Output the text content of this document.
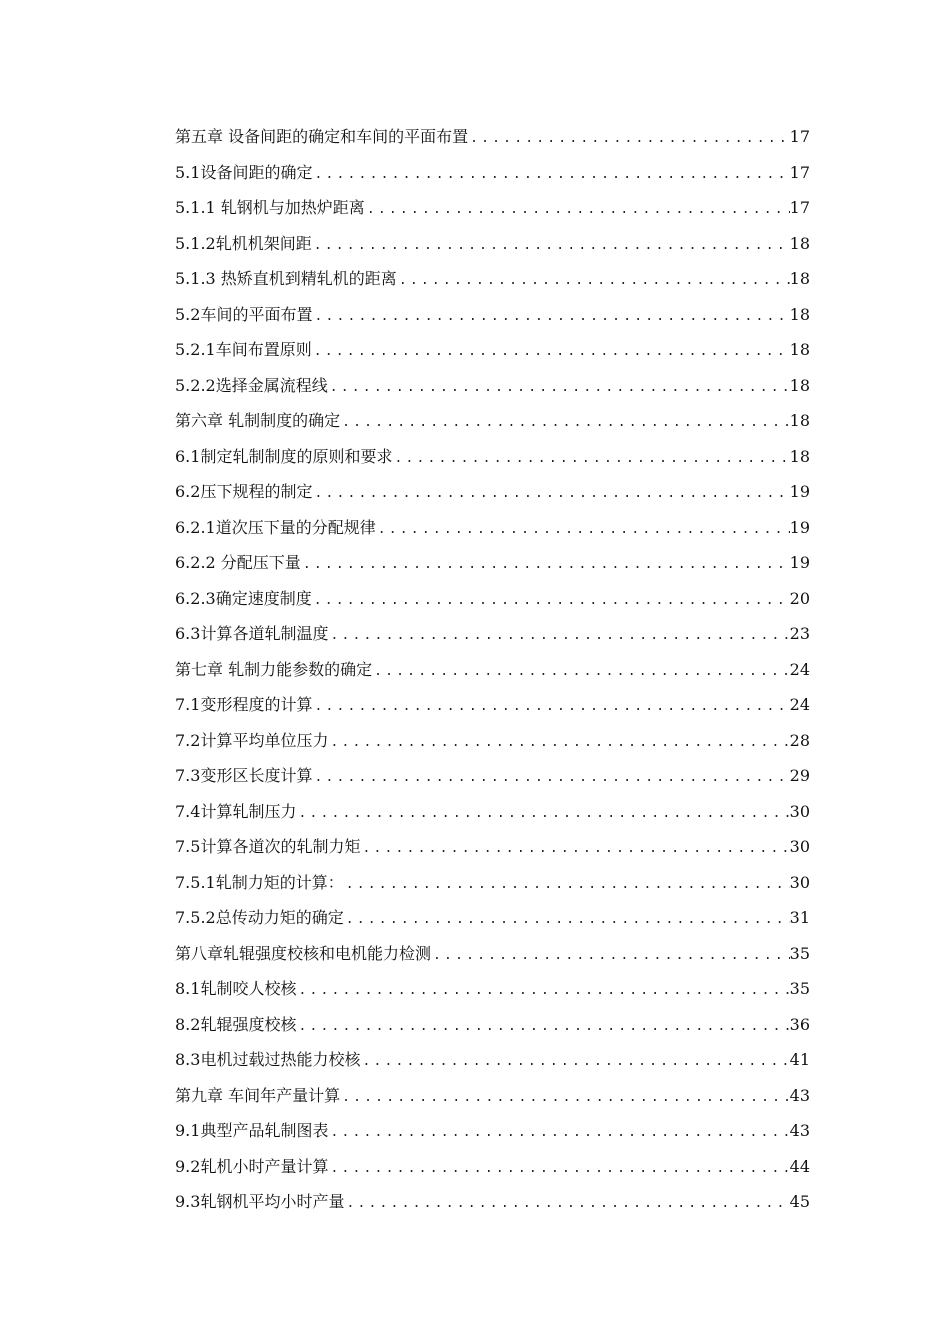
第五章 设备间距的确定和车间的平面布置 .....	17
5.1设备间距的确定 .....	17
5.1.1 轧钢机与加热炉距离 .....	17
5.1.2轧机机架间距 .....	18
5.1.3 热矫直机到精轧机的距离 .....	18
5.2车间的平面布置 .....	18
5.2.1车间布置原则 .....	18
5.2.2选择金属流程线 .....	18
第六章 轧制制度的确定 .....	18
6.1制定轧制制度的原则和要求 .....	18
6.2压下规程的制定 .....	19
6.2.1道次压下量的分配规律 .....	19
6.2.2 分配压下量 .....	19
6.2.3确定速度制度 .....	20
6.3计算各道轧制温度 .....	23
第七章 轧制力能参数的确定 .....	24
7.1变形程度的计算 .....	24
7.2计算平均单位压力 .....	28
7.3变形区长度计算 .....	29
7.4计算轧制压力 .....	30
7.5计算各道次的轧制力矩 .....	30
7.5.1轧制力矩的计算： .....	30
7.5.2总传动力矩的确定 .....	31
第八章轧辊强度校核和电机能力检测 .....	35
8.1轧制咬人校核 .....	35
8.2轧辊强度校核 .....	36
8.3电机过载过热能力校核 .....	41
第九章 车间年产量计算 .....	43
9.1典型产品轧制图表 .....	43
9.2轧机小时产量计算 .....	44
9.3轧钢机平均小时产量 .....	45
